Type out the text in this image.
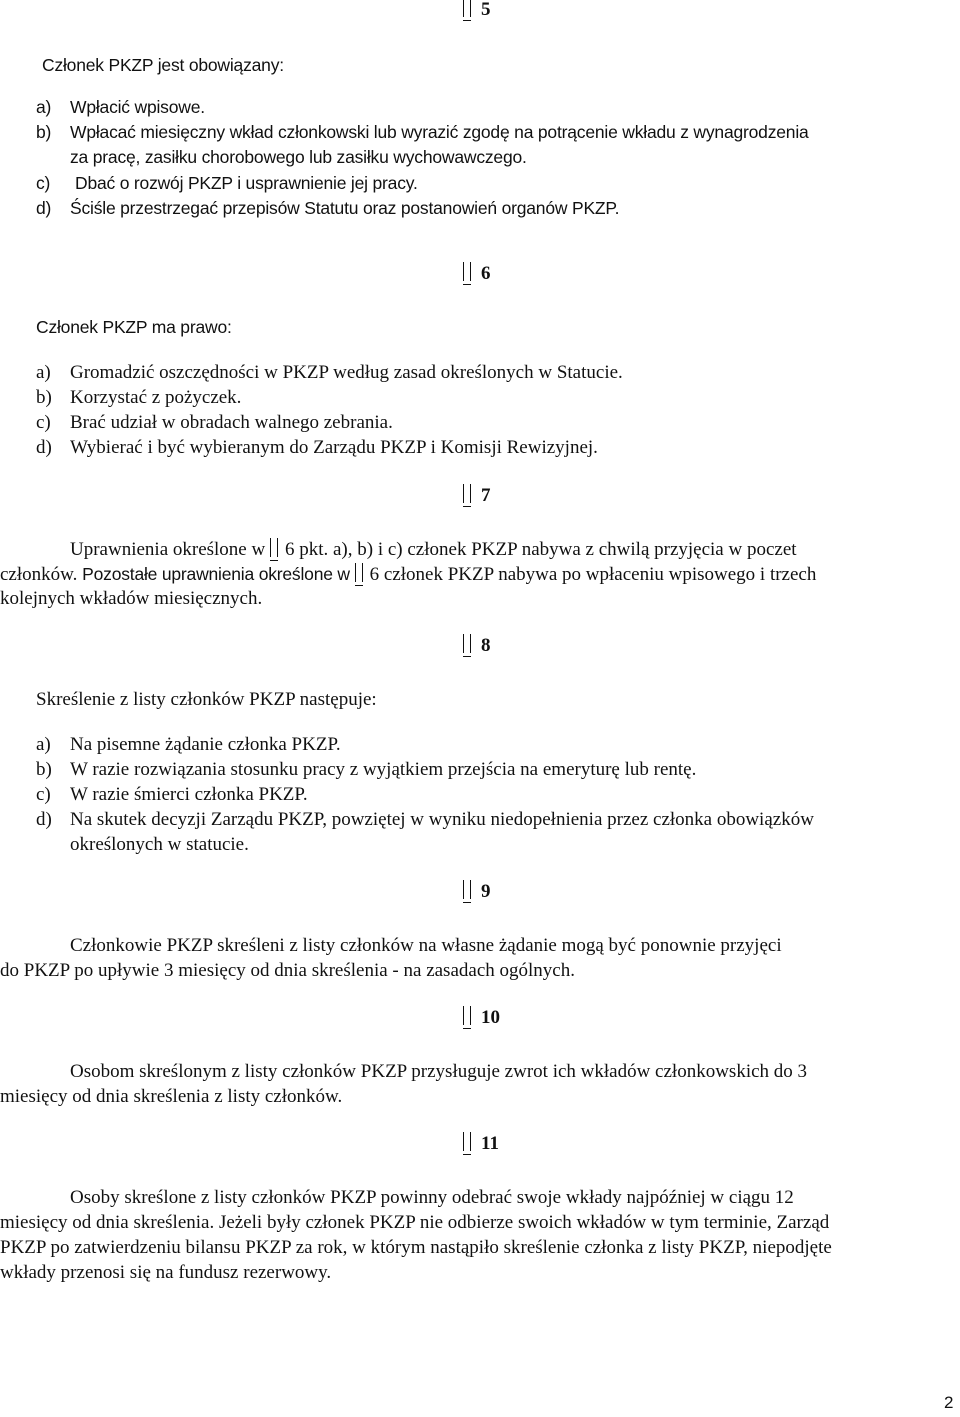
5
Członek PKZP jest obowiązany:
a) Wpłacić wpisowe.
b) Wpłacać miesięczny wkład członkowski lub wyrazić zgodę na potrącenie wkładu z wynagrodzenia
za pracę, zasiłku chorobowego lub zasiłku wychowawczego.
c) Dbać o rozwój PKZP i usprawnienie jej pracy.
d) Ściśle przestrzegać przepisów Statutu oraz postanowień organów PKZP.
6
Członek PKZP ma prawo:
a) Gromadzić oszczędności w PKZP według zasad określonych w Statucie.
b) Korzystać z pożyczek.
c) Brać udział w obradach walnego zebrania.
d) Wybierać i być wybieranym do Zarządu PKZP i Komisji Rewizyjnej.
7
Uprawnienia określone w 6 pkt. a), b) i c) członek PKZP nabywa z chwilą przyjęcia w poczet
członków. Pozostałe uprawnienia określone w 6 członek PKZP nabywa po wpłaceniu wpisowego i trzech
kolejnych wkładów miesięcznych.
8
Skreślenie z listy członków PKZP następuje:
a) Na pisemne żądanie członka PKZP.
b) W razie rozwiązania stosunku pracy z wyjątkiem przejścia na emeryturę lub rentę.
c) W razie śmierci członka PKZP.
d) Na skutek decyzji Zarządu PKZP, powziętej w wyniku niedopełnienia przez członka obowiązków
określonych w statucie.
9
Członkowie PKZP skreśleni z listy członków na własne żądanie mogą być ponownie przyjęci
do PKZP po upływie 3 miesięcy od dnia skreślenia - na zasadach ogólnych.
10
Osobom skreślonym z listy członków PKZP przysługuje zwrot ich wkładów członkowskich do 3
miesięcy od dnia skreślenia z listy członków.
11
Osoby skreślone z listy członków PKZP powinny odebrać swoje wkłady najpóźniej w ciągu 12
miesięcy od dnia skreślenia. Jeżeli były członek PKZP nie odbierze swoich wkładów w tym terminie, Zarząd
PKZP po zatwierdzeniu bilansu PKZP za rok, w którym nastąpiło skreślenie członka z listy PKZP, niepodjęte
wkłady przenosi się na fundusz rezerwowy.
2
